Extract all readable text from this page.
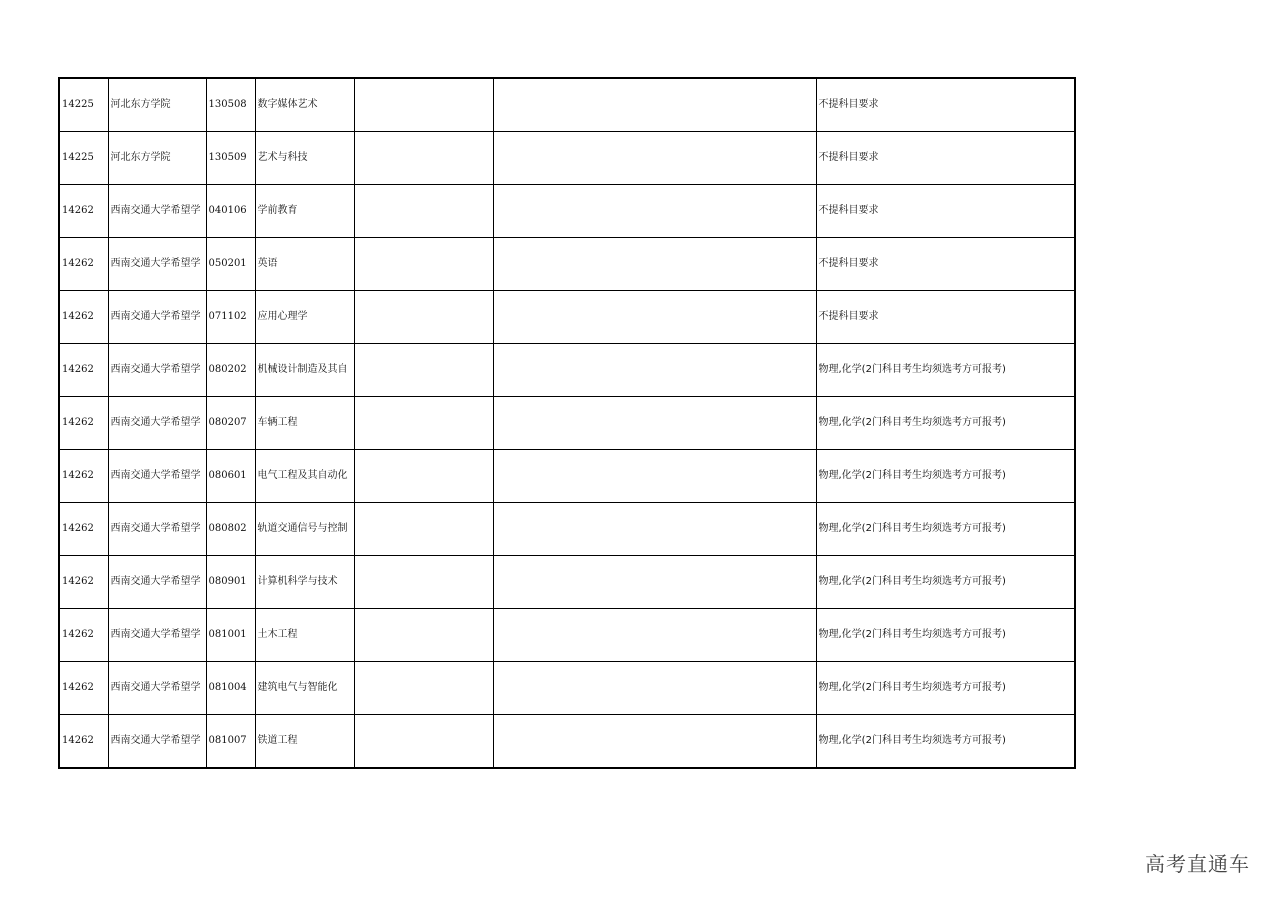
14225	河北东方学院	130508	数字媒体艺术			不提科目要求
14225	河北东方学院	130509	艺术与科技			不提科目要求
14262	西南交通大学希望学	040106	学前教育			不提科目要求
14262	西南交通大学希望学	050201	英语			不提科目要求
14262	西南交通大学希望学	071102	应用心理学			不提科目要求
14262	西南交通大学希望学	080202	机械设计制造及其自			物理,化学(2门科目考生均须选考方可报考)
14262	西南交通大学希望学	080207	车辆工程			物理,化学(2门科目考生均须选考方可报考)
14262	西南交通大学希望学	080601	电气工程及其自动化			物理,化学(2门科目考生均须选考方可报考)
14262	西南交通大学希望学	080802	轨道交通信号与控制			物理,化学(2门科目考生均须选考方可报考)
14262	西南交通大学希望学	080901	计算机科学与技术			物理,化学(2门科目考生均须选考方可报考)
14262	西南交通大学希望学	081001	土木工程			物理,化学(2门科目考生均须选考方可报考)
14262	西南交通大学希望学	081004	建筑电气与智能化			物理,化学(2门科目考生均须选考方可报考)
14262	西南交通大学希望学	081007	铁道工程			物理,化学(2门科目考生均须选考方可报考)
高考直通车
